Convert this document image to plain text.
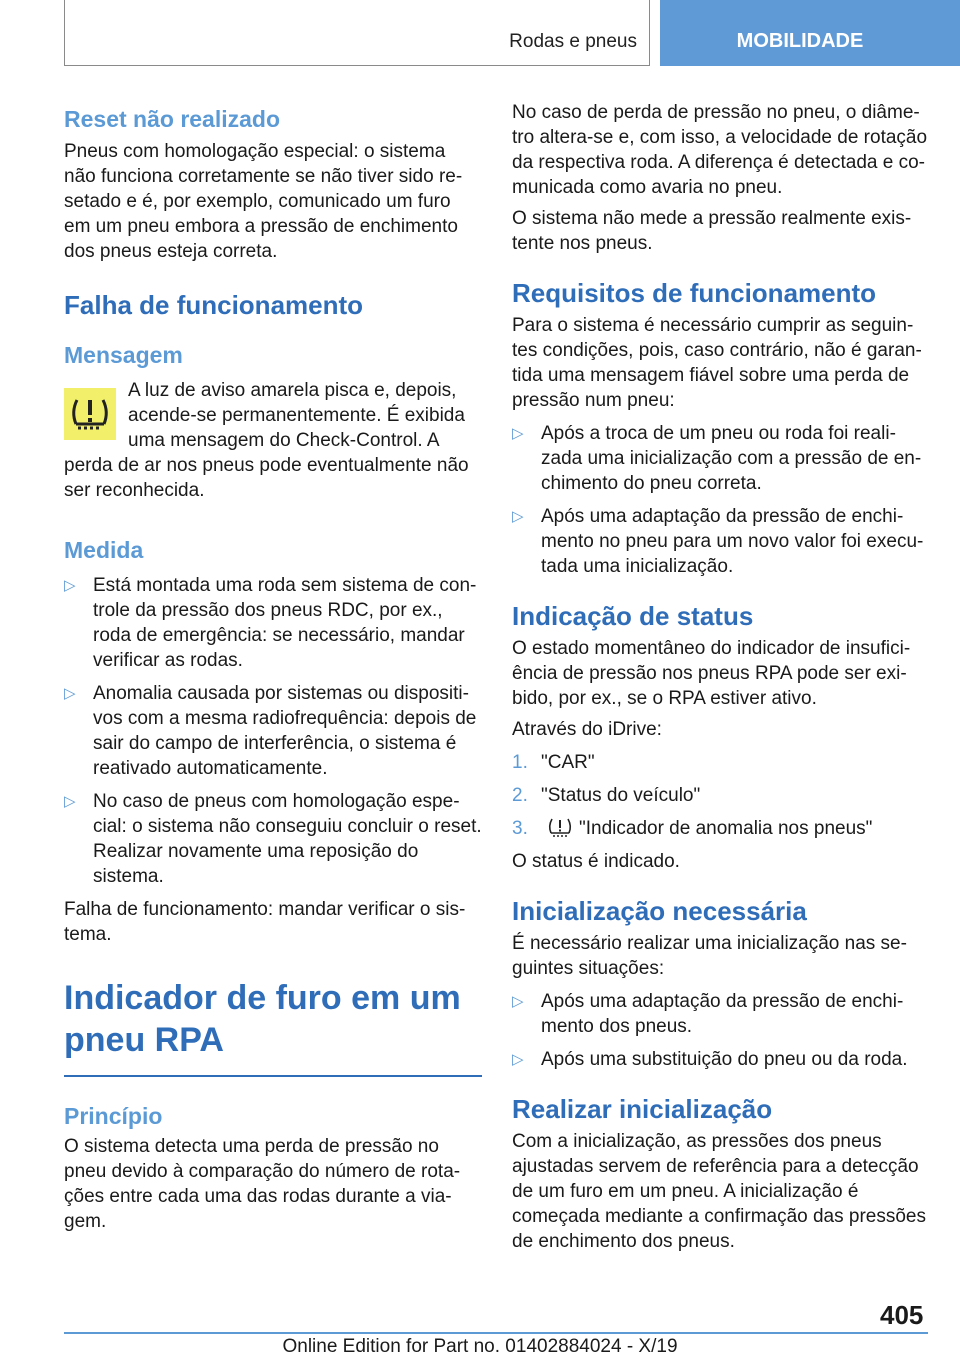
Rodas e pneus	MOBILIDADE
Reset não realizado
Pneus com homologação especial: o sistema não funciona corretamente se não tiver sido resetado e é, por exemplo, comunicado um furo em um pneu embora a pressão de enchimento dos pneus esteja correta.
Falha de funcionamento
Mensagem
A luz de aviso amarela pisca e, depois, acende-se permanentemente. É exibida uma mensagem do Check-Control. A
perda de ar nos pneus pode eventualmente não ser reconhecida.
Medida
▷ Está montada uma roda sem sistema de controle da pressão dos pneus RDC, por ex., roda de emergência: se necessário, mandar verificar as rodas.
▷ Anomalia causada por sistemas ou dispositivos com a mesma radiofrequência: depois de sair do campo de interferência, o sistema é reativado automaticamente.
▷ No caso de pneus com homologação especial: o sistema não conseguiu concluir o reset. Realizar novamente uma reposição do sistema.
Falha de funcionamento: mandar verificar o sistema.
Indicador de furo em um pneu RPA
Princípio
O sistema detecta uma perda de pressão no pneu devido à comparação do número de rotações entre cada uma das rodas durante a viagem.
No caso de perda de pressão no pneu, o diâmetro altera-se e, com isso, a velocidade de rotação da respectiva roda. A diferença é detectada e comunicada como avaria no pneu.
O sistema não mede a pressão realmente existente nos pneus.
Requisitos de funcionamento
Para o sistema é necessário cumprir as seguintes condições, pois, caso contrário, não é garantida uma mensagem fiável sobre uma perda de pressão num pneu:
▷ Após a troca de um pneu ou roda foi realizada uma inicialização com a pressão de enchimento do pneu correta.
▷ Após uma adaptação da pressão de enchimento no pneu para um novo valor foi executada uma inicialização.
Indicação de status
O estado momentâneo do indicador de insuficiência de pressão nos pneus RPA pode ser exibido, por ex., se o RPA estiver ativo.
Através do iDrive:
1. "CAR"
2. "Status do veículo"
3.	"Indicador de anomalia nos pneus"
O status é indicado.
Inicialização necessária
É necessário realizar uma inicialização nas seguintes situações:
▷ Após uma adaptação da pressão de enchimento dos pneus.
▷ Após uma substituição do pneu ou da roda.
Realizar inicialização
Com a inicialização, as pressões dos pneus ajustadas servem de referência para a detecção de um furo em um pneu. A inicialização é começada mediante a confirmação das pressões de enchimento dos pneus.
405
Online Edition for Part no. 01402884024 - X/19
